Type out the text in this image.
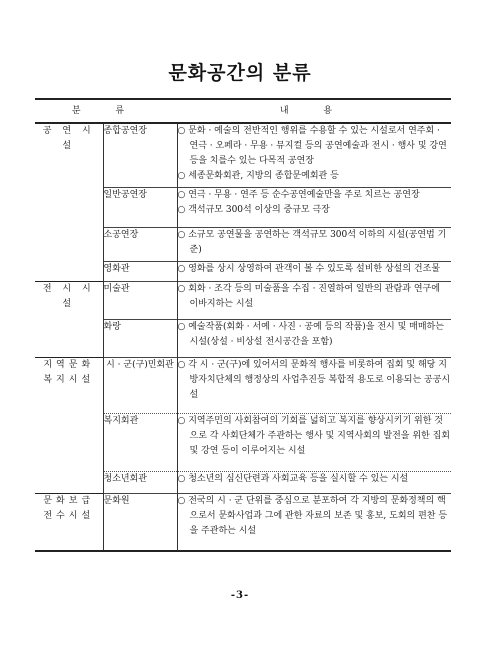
문화공간의 분류
분 류		내 용
공 연 시 설	종합공연장	○ 문화 · 예술의 전반적인 행위를 수용할 수 있는 시설로서 연주회 · 연극 · 오페라 · 무용 · 뮤지컬 등의 공연예술과 전시 · 행사 및 강연 등을 치를수 있는 다목적 공연장
○ 세종문화회관, 지방의 종합문예회관 등

	일반공연장	○ 연극 · 무용 · 연주 등 순수공연예술만을 주로 치르는 공연장
○ 객석규모 300석 이상의 중규모 극장

	소공연장	○ 소규모 공연물을 공연하는 객석규모 300석 이하의 시설(공연법 기준)

	영화관	○ 영화를 상시 상영하여 관객이 볼 수 있도록 설비한 상설의 건조물

전 시 시 설	미술관	○ 회화 · 조각 등의 미술품을 수집 · 진열하여 일반의 관람과 연구에 이바지하는 시설

	화랑	○ 예술작품(회화 · 서예 · 사진 · 공예 등의 작품)을 전시 및 매매하는 시설(상설 · 비상설 전시공간을 포함)

지역문화 복지시설	시 · 군(구)민회관	○ 각 시 · 군(구)에 있어서의 문화적 행사를 비롯하여 집회 및 해당 지방자치단체의 행정상의 사업추진등 복합적 용도로 이용되는 공공시설

	복지회관	○ 지역주민의 사회참여의 기회를 넓히고 복지를 향상시키기 위한 것으로 각 사회단체가 주관하는 행사 및 지역사회의 발전을 위한 집회 및 강연 등이 이루어지는 시설

	청소년회관	○ 청소년의 심신단련과 사회교육 등을 실시할 수 있는 시설

문화보급 전수시설	문화원	○ 전국의 시 · 군 단위를 중심으로 분포하여 각 지방의 문화정책의 핵으로서 문화사업과 그에 관한 자료의 보존 및 홍보, 도회의 편찬 등을 주관하는 시설
-3-
